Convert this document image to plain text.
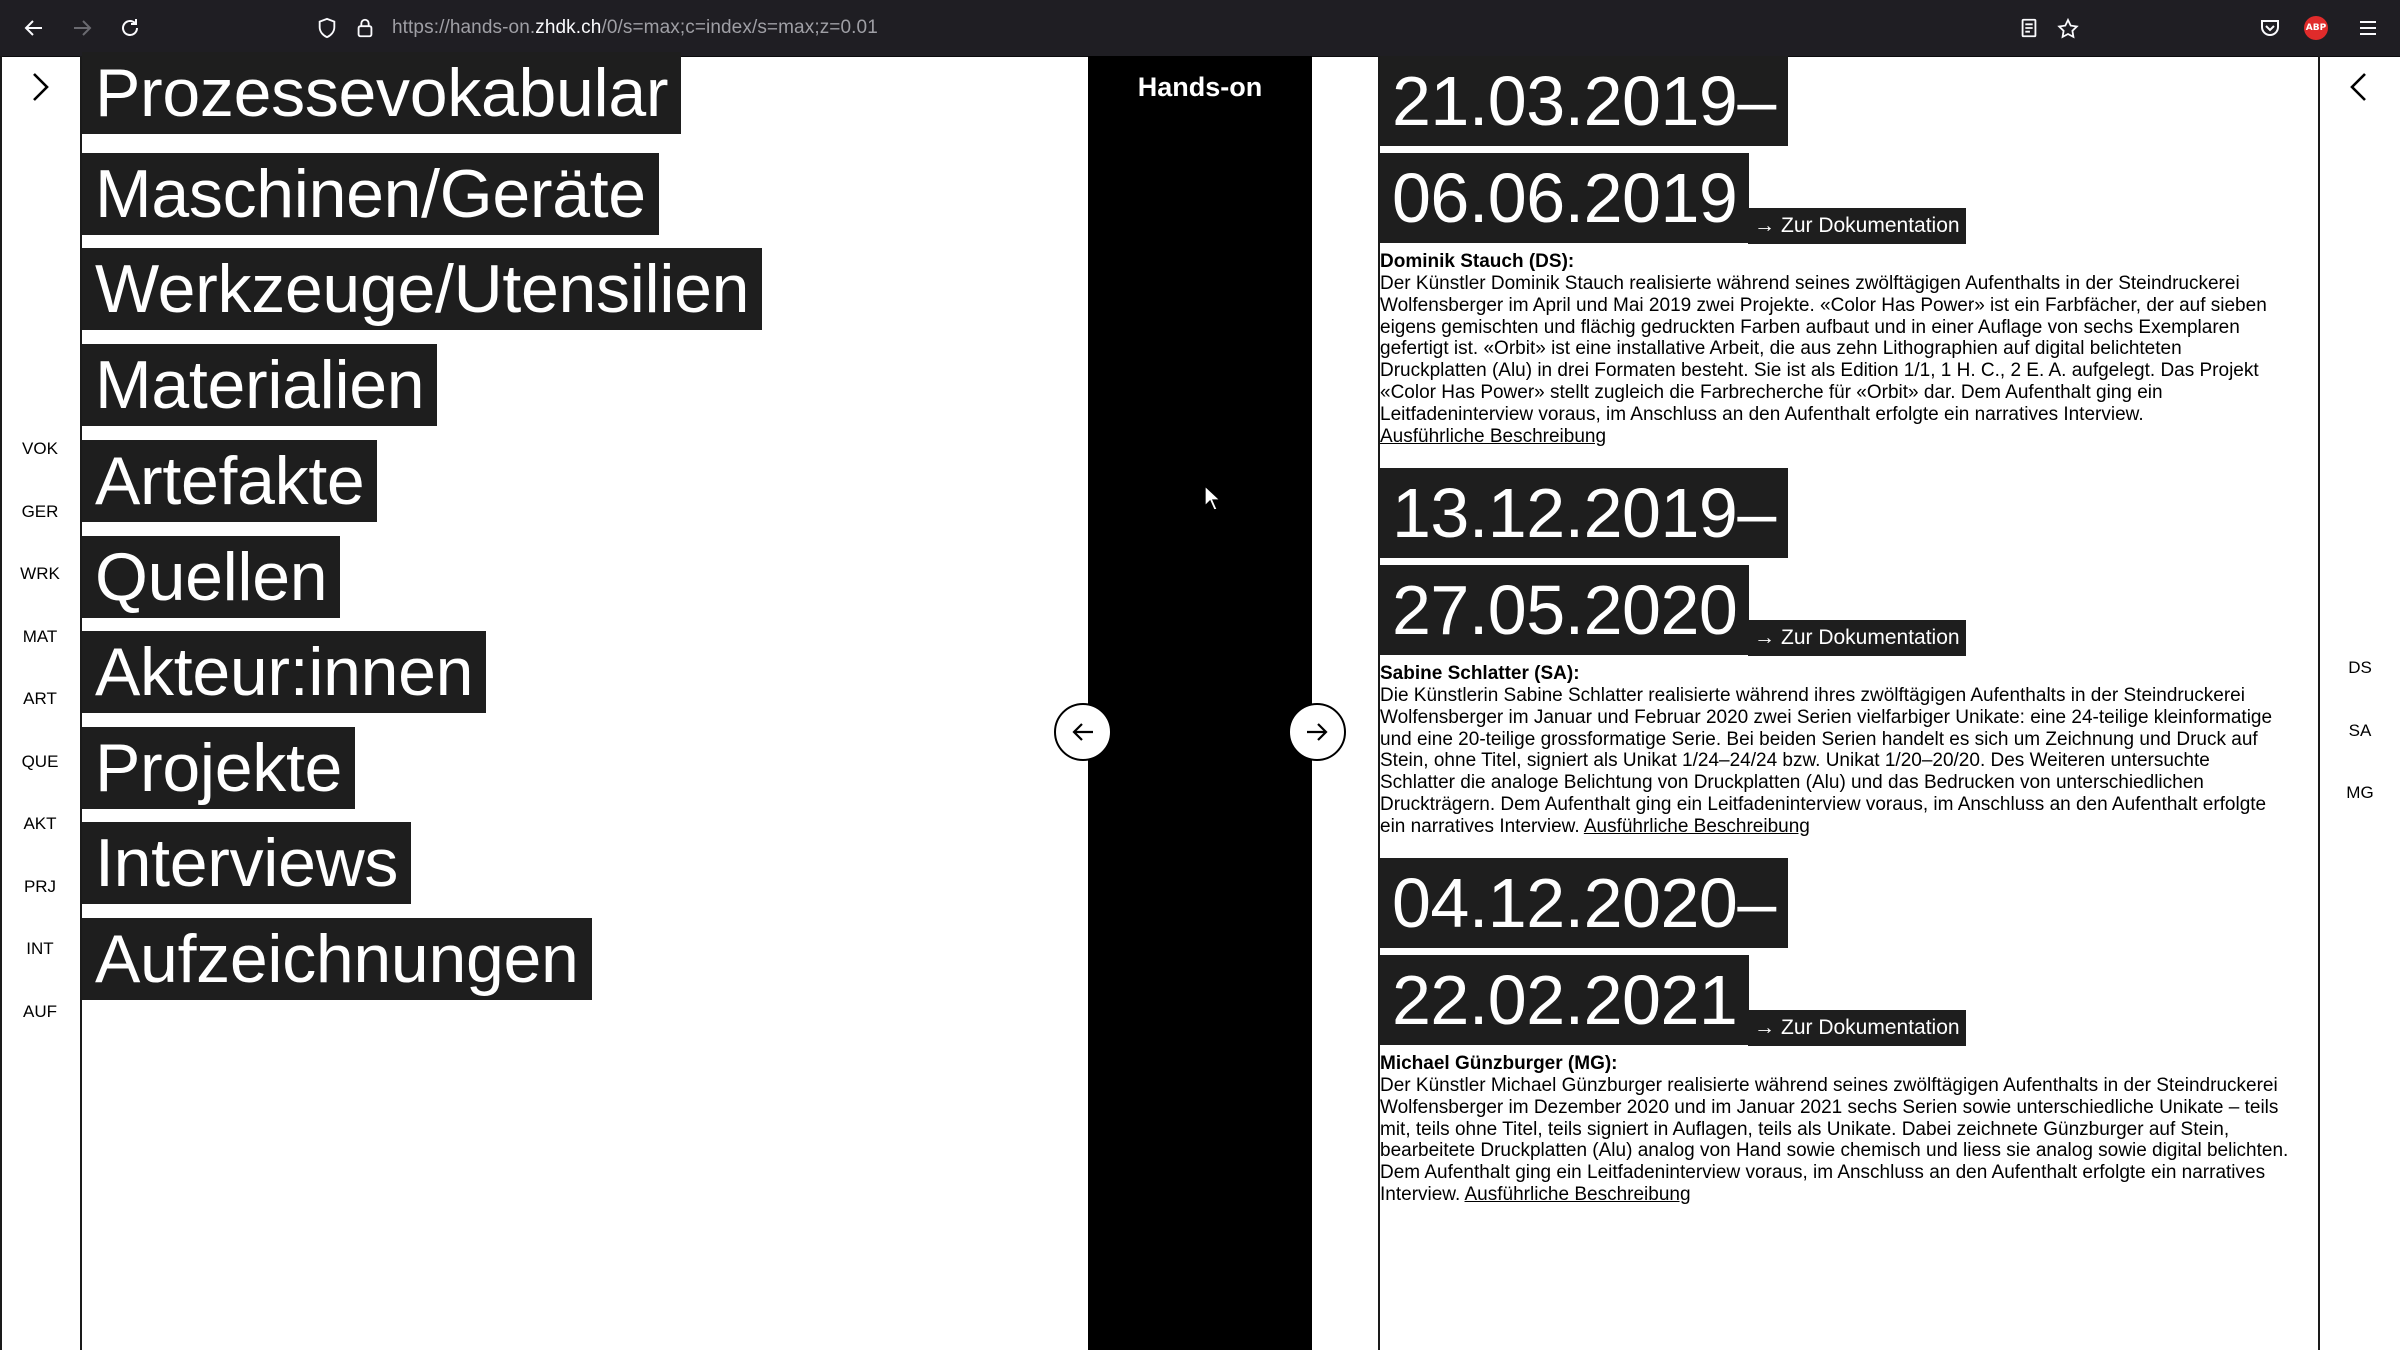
https://hands-on.zhdk.ch/0/s=max;c=index/s=max;z=0.01	ABP
VOK
GER
WRK
MAT
ART
QUE
AKT
PRJ
INT
AUF
DS
SA
MG
Prozessevokabular
Maschinen/Geräte
Werkzeuge/Utensilien
Materialien
Artefakte
Quellen
Akteur:innen
Projekte
Interviews
Aufzeichnungen
Hands-on	21.03.2019–
06.06.2019 → Zur Dokumentation
Dominik Stauch (DS):

Der Künstler Dominik Stauch realisierte während seines zwölftägigen Aufenthalts in der Steindruckerei Wolfensberger im April und Mai 2019 zwei Projekte. «Color Has Power» ist ein Farbfächer, der auf sieben eigens gemischten und flächig gedruckten Farben aufbaut und in einer Auflage von sechs Exemplaren gefertigt ist. «Orbit» ist eine installative Arbeit, die aus zehn Lithographien auf digital belichteten Druckplatten (Alu) in drei Formaten besteht. Sie ist als Edition 1/1, 1 H. C., 2 E. A. aufgelegt. Das Projekt «Color Has Power» stellt zugleich die Farbrecherche für «Orbit» dar. Dem Aufenthalt ging ein Leitfadeninterview voraus, im Anschluss an den Aufenthalt erfolgte ein narratives Interview.
Ausführliche Beschreibung

13.12.2019–
27.05.2020 → Zur Dokumentation
Sabine Schlatter (SA):

Die Künstlerin Sabine Schlatter realisierte während ihres zwölftägigen Aufenthalts in der Steindruckerei Wolfensberger im Januar und Februar 2020 zwei Serien vielfarbiger Unikate: eine 24-teilige kleinformatige und eine 20-teilige grossformatige Serie. Bei beiden Serien handelt es sich um Zeichnung und Druck auf Stein, ohne Titel, signiert als Unikat 1/24–24/24 bzw. Unikat 1/20–20/20. Des Weiteren untersuchte Schlatter die analoge Belichtung von Druckplatten (Alu) und das Bedrucken von unterschiedlichen Druckträgern. Dem Aufenthalt ging ein Leitfadeninterview voraus, im Anschluss an den Aufenthalt erfolgte ein narratives Interview. Ausführliche Beschreibung

04.12.2020–
22.02.2021 → Zur Dokumentation
Michael Günzburger (MG):

Der Künstler Michael Günzburger realisierte während seines zwölftägigen Aufenthalts in der Steindruckerei Wolfensberger im Dezember 2020 und im Januar 2021 sechs Serien sowie unterschiedliche Unikate – teils mit, teils ohne Titel, teils signiert in Auflagen, teils als Unikate. Dabei zeichnete Günzburger auf Stein, bearbeitete Druckplatten (Alu) analog von Hand sowie chemisch und liess sie analog sowie digital belichten. Dem Aufenthalt ging ein Leitfadeninterview voraus, im Anschluss an den Aufenthalt erfolgte ein narratives Interview. Ausführliche Beschreibung
